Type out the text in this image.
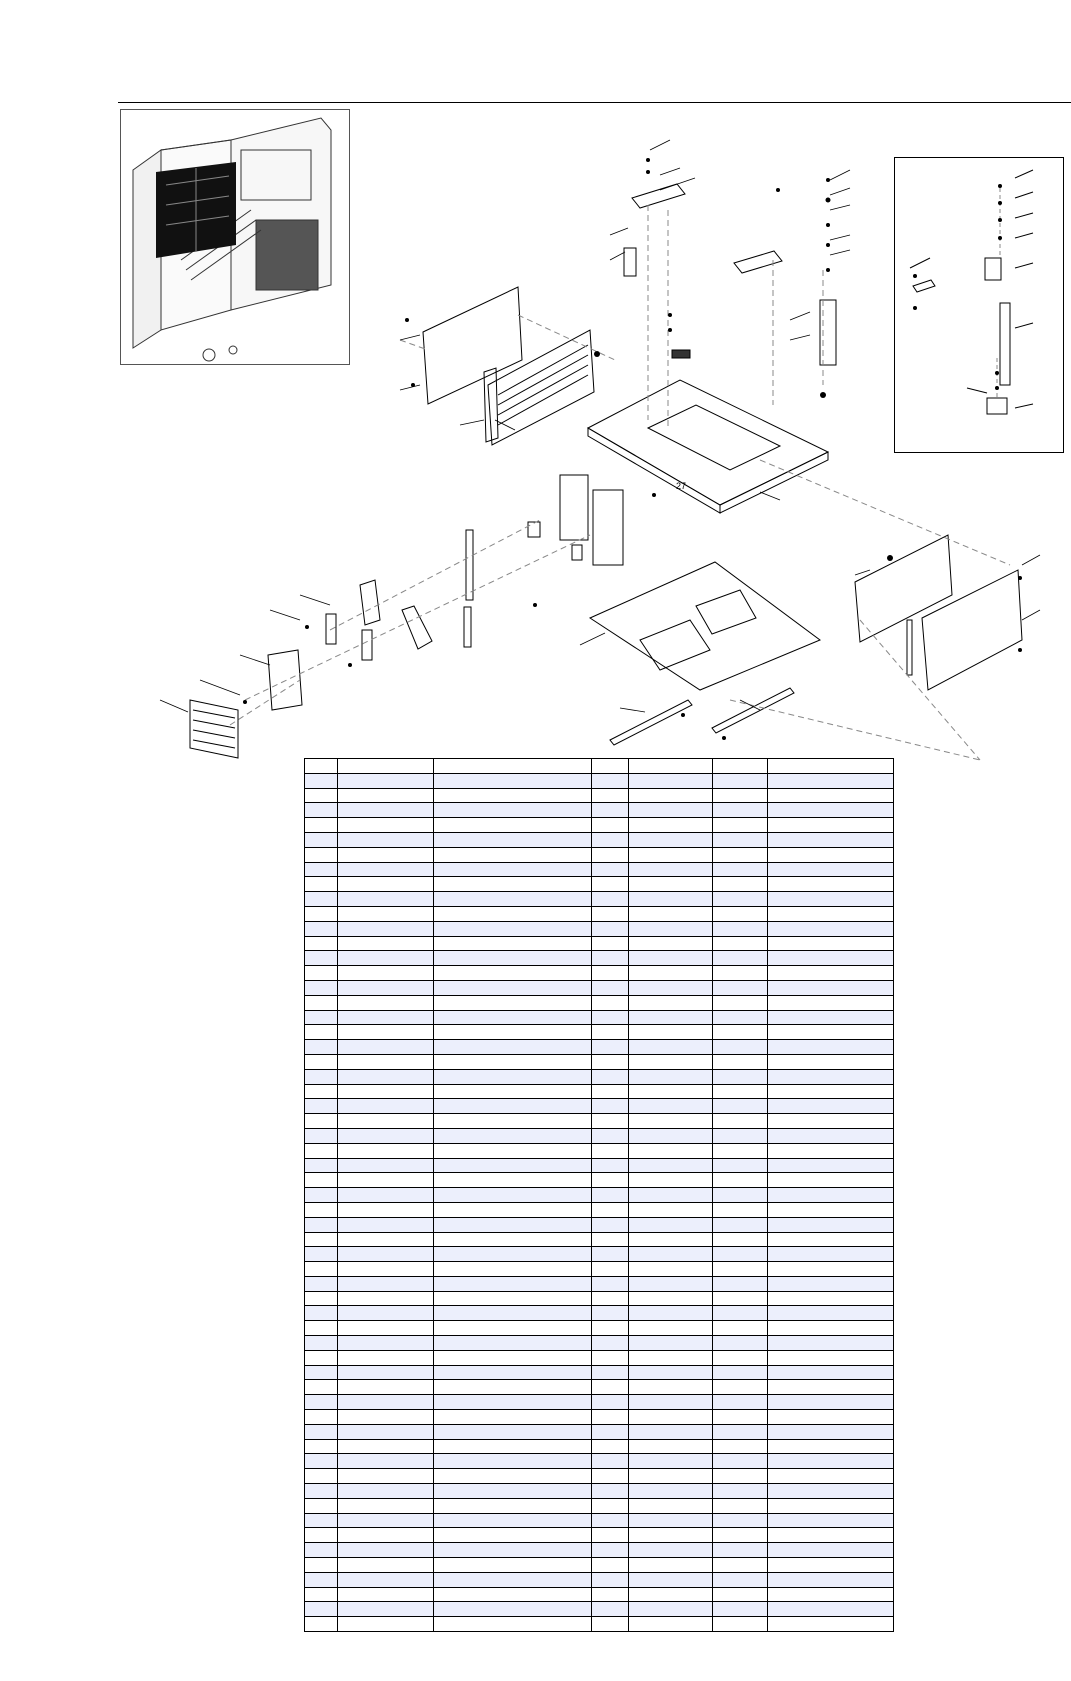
27
